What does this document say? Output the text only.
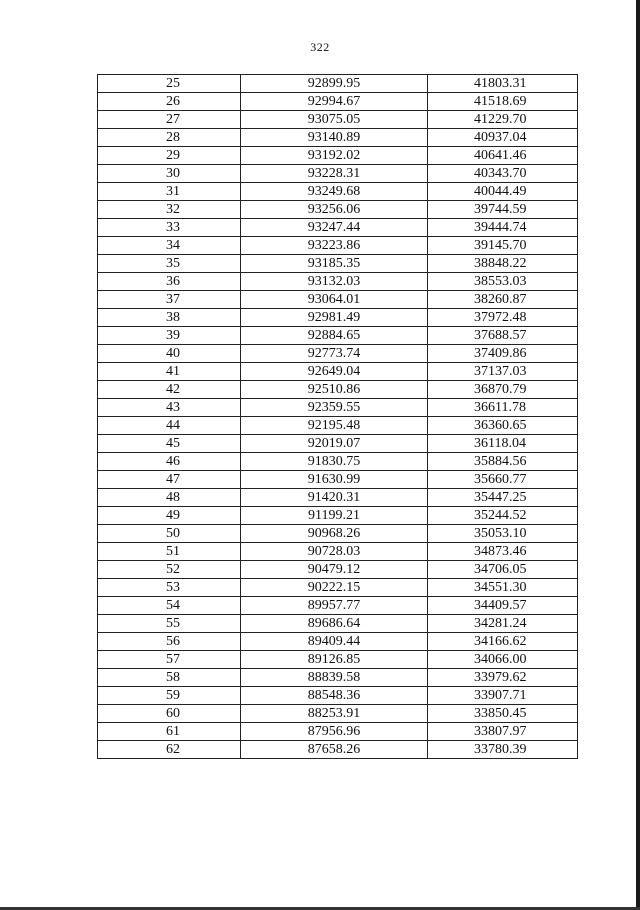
322
25	92899.95	41803.31
26	92994.67	41518.69
27	93075.05	41229.70
28	93140.89	40937.04
29	93192.02	40641.46
30	93228.31	40343.70
31	93249.68	40044.49
32	93256.06	39744.59
33	93247.44	39444.74
34	93223.86	39145.70
35	93185.35	38848.22
36	93132.03	38553.03
37	93064.01	38260.87
38	92981.49	37972.48
39	92884.65	37688.57
40	92773.74	37409.86
41	92649.04	37137.03
42	92510.86	36870.79
43	92359.55	36611.78
44	92195.48	36360.65
45	92019.07	36118.04
46	91830.75	35884.56
47	91630.99	35660.77
48	91420.31	35447.25
49	91199.21	35244.52
50	90968.26	35053.10
51	90728.03	34873.46
52	90479.12	34706.05
53	90222.15	34551.30
54	89957.77	34409.57
55	89686.64	34281.24
56	89409.44	34166.62
57	89126.85	34066.00
58	88839.58	33979.62
59	88548.36	33907.71
60	88253.91	33850.45
61	87956.96	33807.97
62	87658.26	33780.39
